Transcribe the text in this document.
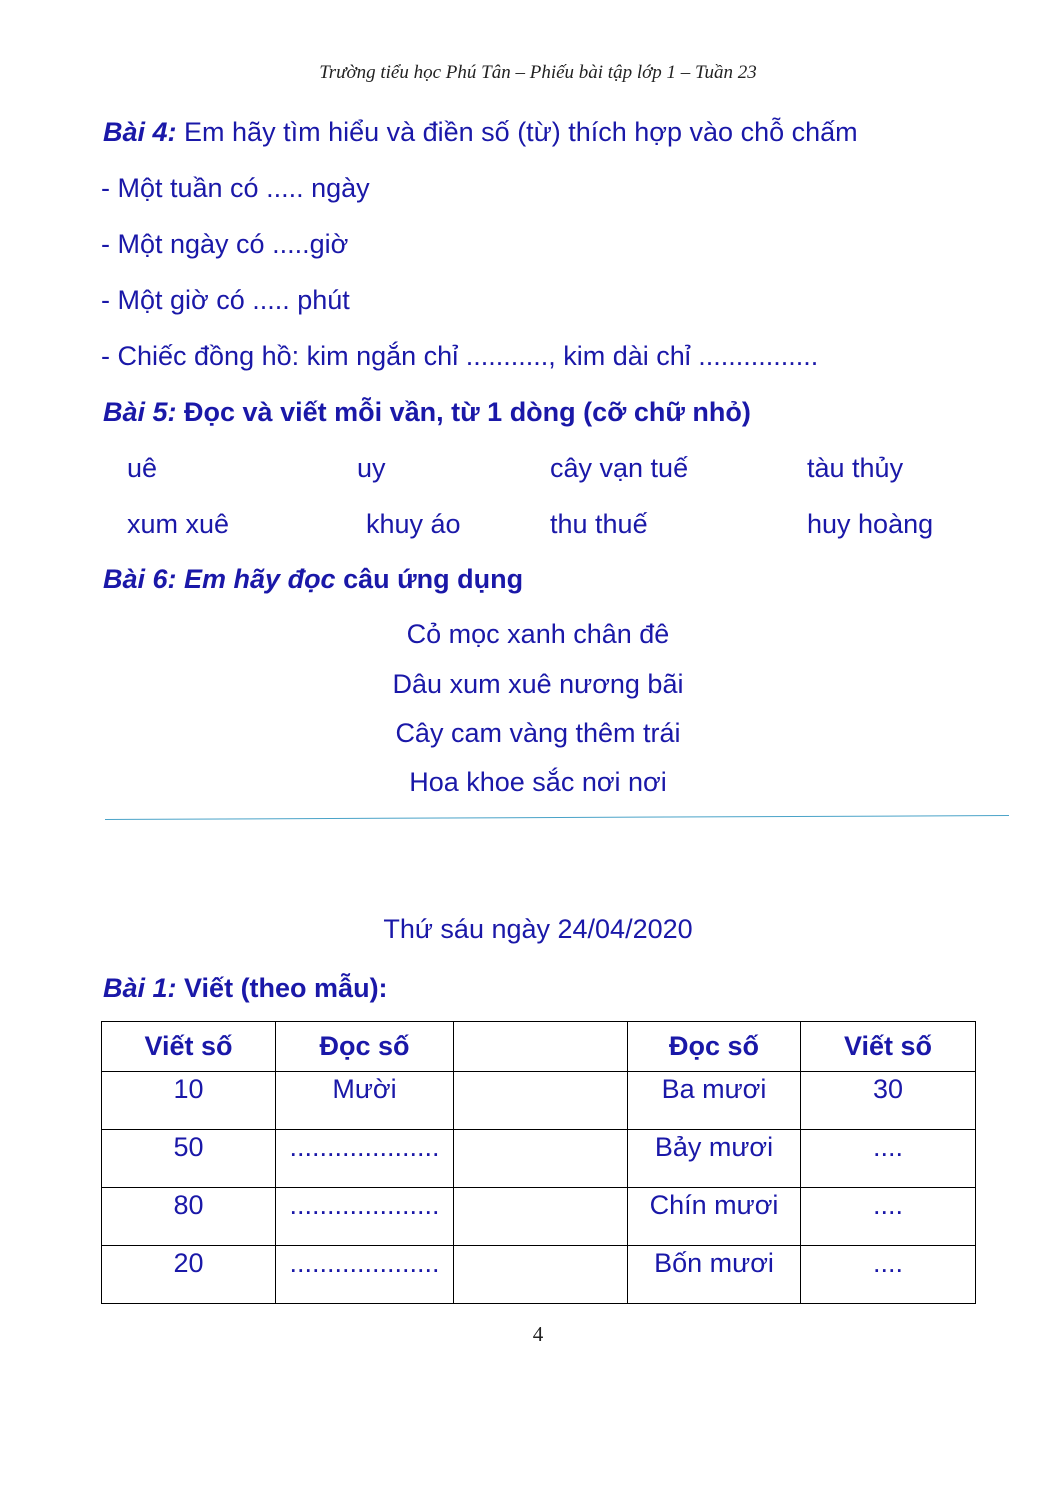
Trường tiểu học Phú Tân – Phiếu bài tập lớp 1 – Tuần 23
Bài 4: Em hãy tìm hiểu và điền số (từ) thích hợp vào chỗ chấm
- Một tuần có ..... ngày
- Một ngày có .....giờ
- Một giờ có ..... phút
- Chiếc đồng hồ: kim ngắn chỉ ..........., kim dài chỉ ................
Bài 5: Đọc và viết mỗi vần, từ 1 dòng (cỡ chữ nhỏ)
uê	uy	cây vạn tuế	tàu thủy
xum xuê	khuy áo	thu thuế	huy hoàng
Bài 6: Em hãy đọc câu ứng dụng
Cỏ mọc xanh chân đê
Dâu xum xuê nương bãi
Cây cam vàng thêm trái
Hoa khoe sắc nơi nơi
Thứ sáu ngày 24/04/2020
Bài 1: Viết (theo mẫu):
Viết số	Đọc số		Đọc số	Viết số
10	Mười		Ba mươi	30
50	....................		Bảy mươi	....
80	....................		Chín mươi	....
20	....................		Bốn mươi	....
4
